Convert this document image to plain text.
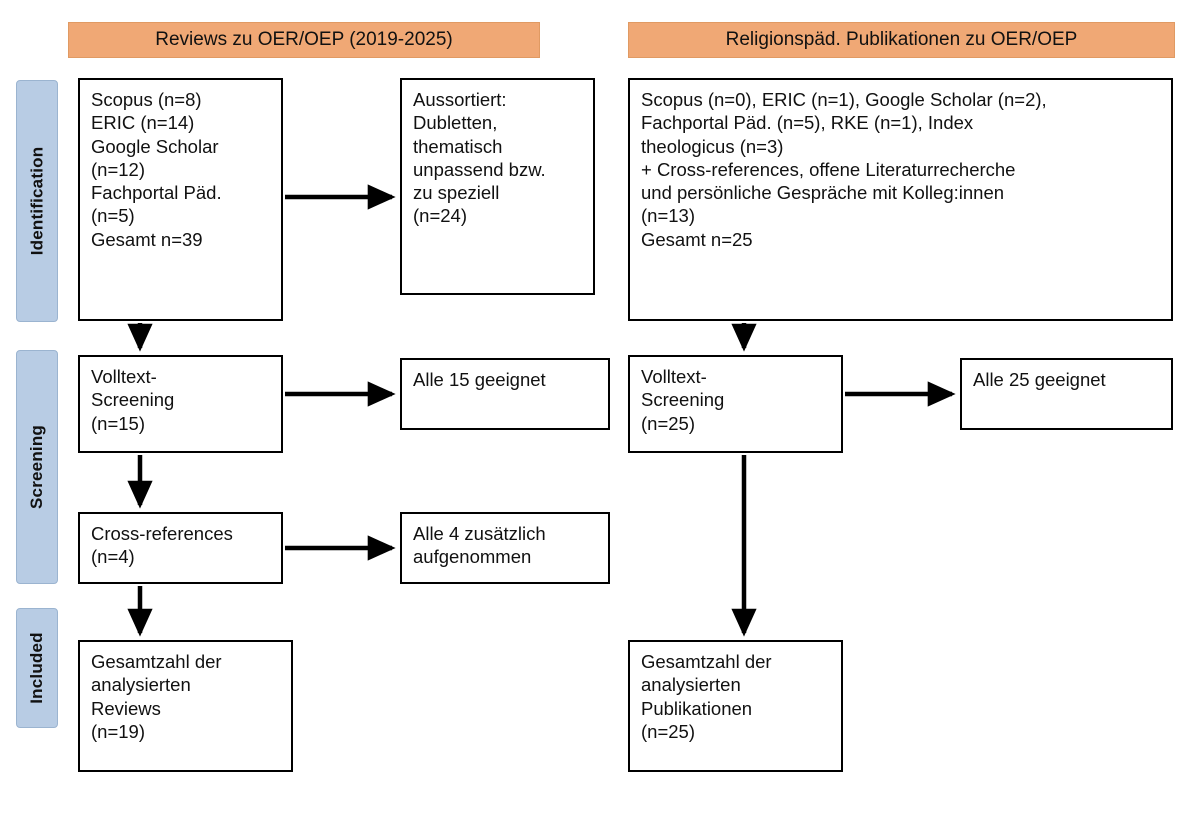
Identification
Screening
Included
Reviews zu OER/OEP (2019-2025)	Religionspäd. Publikationen zu OER/OEP
Scopus (n=8)
ERIC (n=14)
Google Scholar
(n=12)
Fachportal Päd.
(n=5)
Gesamt n=39
Aussortiert:
Dubletten,
thematisch
unpassend bzw.
zu speziell
(n=24)
Volltext-
Screening
(n=15)
Alle 15 geeignet
Cross-references
(n=4)
Alle 4 zusätzlich
aufgenommen
Gesamtzahl der
analysierten
Reviews
(n=19)
Scopus (n=0), ERIC (n=1), Google Scholar (n=2),
Fachportal Päd. (n=5), RKE (n=1), Index
theologicus (n=3)
+ Cross-references, offene Literaturrecherche
und persönliche Gespräche mit Kolleg:innen
(n=13)
Gesamt n=25
Volltext-
Screening
(n=25)
Alle 25 geeignet
Gesamtzahl der
analysierten
Publikationen
(n=25)
